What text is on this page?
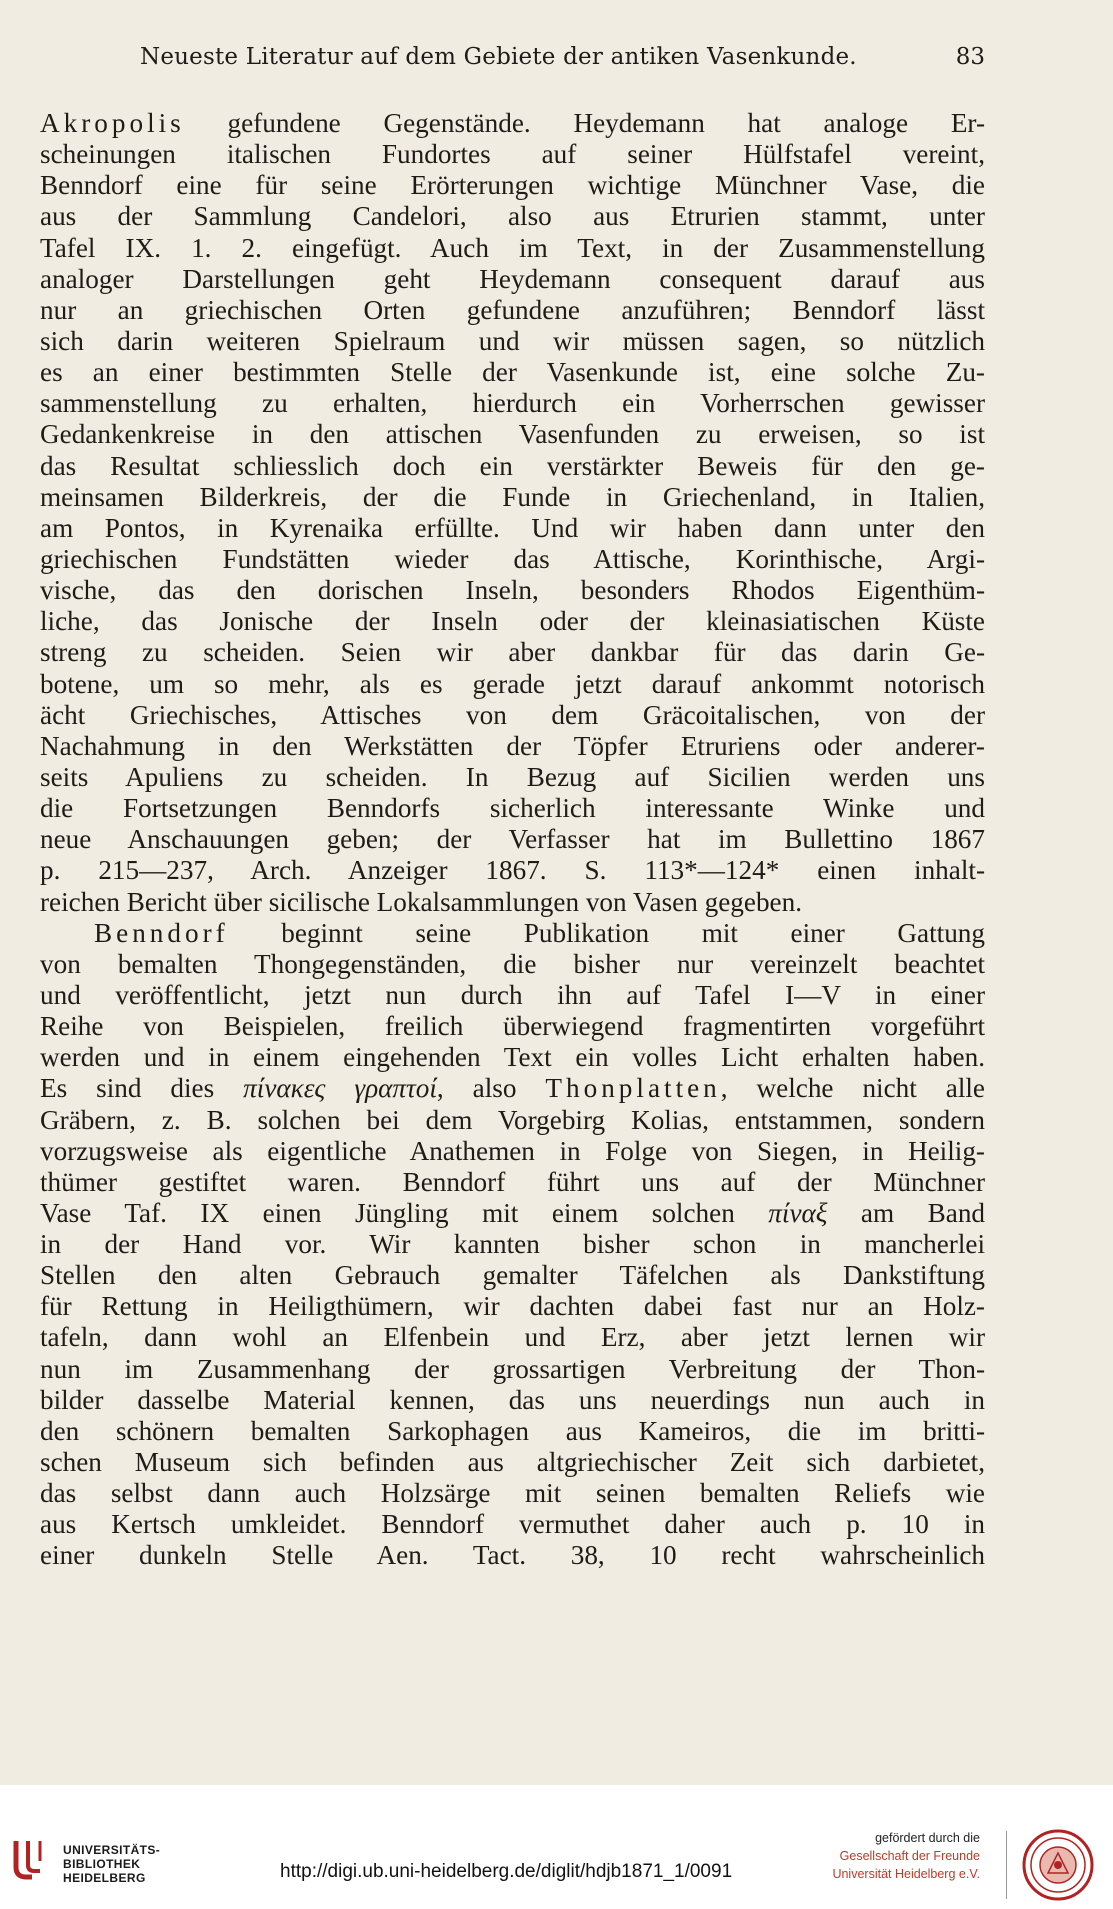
Neueste Literatur auf dem Gebiete der antiken Vasenkunde.	83
Akropolis gefundene Gegenstände. Heydemann hat analoge Er-
scheinungen italischen Fundortes auf seiner Hülfstafel vereint,
Benndorf eine für seine Erörterungen wichtige Münchner Vase, die
aus der Sammlung Candelori, also aus Etrurien stammt, unter
Tafel IX. 1. 2. eingefügt. Auch im Text, in der Zusammenstellung
analoger Darstellungen geht Heydemann consequent darauf aus
nur an griechischen Orten gefundene anzuführen; Benndorf lässt
sich darin weiteren Spielraum und wir müssen sagen, so nützlich
es an einer bestimmten Stelle der Vasenkunde ist, eine solche Zu-
sammenstellung zu erhalten, hierdurch ein Vorherrschen gewisser
Gedankenkreise in den attischen Vasenfunden zu erweisen, so ist
das Resultat schliesslich doch ein verstärkter Beweis für den ge-
meinsamen Bilderkreis, der die Funde in Griechenland, in Italien,
am Pontos, in Kyrenaika erfüllte. Und wir haben dann unter den
griechischen Fundstätten wieder das Attische, Korinthische, Argi-
vische, das den dorischen Inseln, besonders Rhodos Eigenthüm-
liche, das Jonische der Inseln oder der kleinasiatischen Küste
streng zu scheiden. Seien wir aber dankbar für das darin Ge-
botene, um so mehr, als es gerade jetzt darauf ankommt notorisch
ächt Griechisches, Attisches von dem Gräcoitalischen, von der
Nachahmung in den Werkstätten der Töpfer Etruriens oder anderer-
seits Apuliens zu scheiden. In Bezug auf Sicilien werden uns
die Fortsetzungen Benndorfs sicherlich interessante Winke und
neue Anschauungen geben; der Verfasser hat im Bullettino 1867
p. 215—237, Arch. Anzeiger 1867. S. 113*—124* einen inhalt-
reichen Bericht über sicilische Lokalsammlungen von Vasen gegeben.
Benndorf beginnt seine Publikation mit einer Gattung
von bemalten Thongegenständen, die bisher nur vereinzelt beachtet
und veröffentlicht, jetzt nun durch ihn auf Tafel I—V in einer
Reihe von Beispielen, freilich überwiegend fragmentirten vorgeführt
werden und in einem eingehenden Text ein volles Licht erhalten haben.
Es sind dies πίνακες γραπτοί, also Thonplatten, welche nicht alle
Gräbern, z. B. solchen bei dem Vorgebirg Kolias, entstammen, sondern
vorzugsweise als eigentliche Anathemen in Folge von Siegen, in Heilig-
thümer gestiftet waren. Benndorf führt uns auf der Münchner
Vase Taf. IX einen Jüngling mit einem solchen πίναξ am Band
in der Hand vor. Wir kannten bisher schon in mancherlei
Stellen den alten Gebrauch gemalter Täfelchen als Dankstiftung
für Rettung in Heiligthümern, wir dachten dabei fast nur an Holz-
tafeln, dann wohl an Elfenbein und Erz, aber jetzt lernen wir
nun im Zusammenhang der grossartigen Verbreitung der Thon-
bilder dasselbe Material kennen, das uns neuerdings nun auch in
den schönern bemalten Sarkophagen aus Kameiros, die im britti-
schen Museum sich befinden aus altgriechischer Zeit sich darbietet,
das selbst dann auch Holzsärge mit seinen bemalten Reliefs wie
aus Kertsch umkleidet. Benndorf vermuthet daher auch p. 10 in
einer dunkeln Stelle Aen. Tact. 38, 10 recht wahrscheinlich
UNIVERSITÄTS-
BIBLIOTHEK
HEIDELBERG	http://digi.ub.uni-heidelberg.de/diglit/hdjb1871_1/0091
gefördert durch die
Gesellschaft der Freunde
Universität Heidelberg e.V.
